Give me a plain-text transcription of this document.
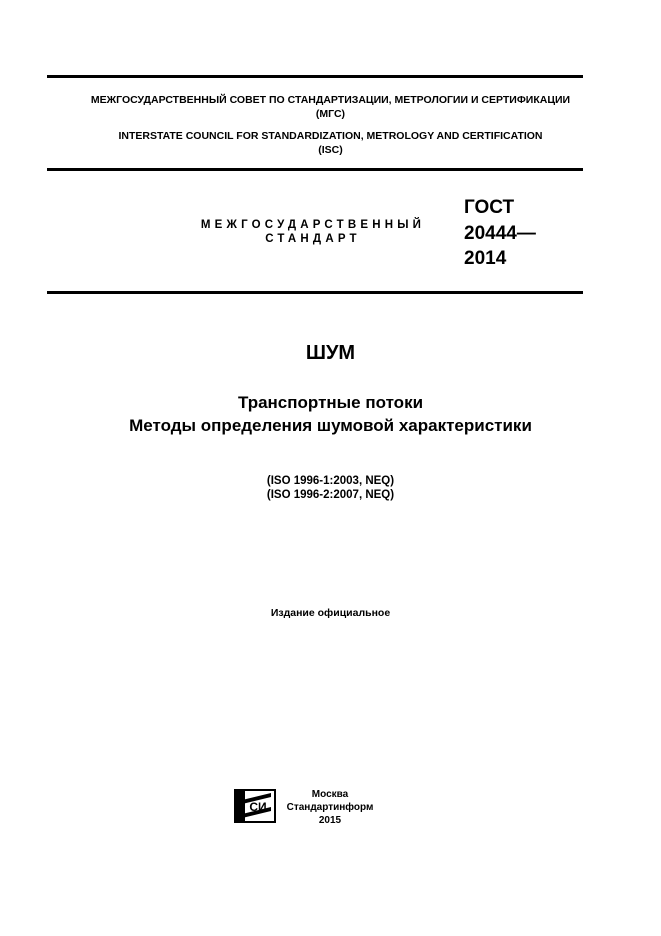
МЕЖГОСУДАРСТВЕННЫЙ СОВЕТ ПО СТАНДАРТИЗАЦИИ, МЕТРОЛОГИИ И СЕРТИФИКАЦИИ
(МГС)
INTERSTATE COUNCIL FOR STANDARDIZATION, METROLOGY AND CERTIFICATION
(ISC)
МЕЖГОСУДАРСТВЕННЫЙ
СТАНДАРТ
ГОСТ
20444—
2014
ШУМ
Транспортные потоки
Методы определения шумовой характеристики
(ISO 1996-1:2003, NEQ)
(ISO 1996-2:2007, NEQ)
Издание официальное
СИ
Москва
Стандартинформ
2015
